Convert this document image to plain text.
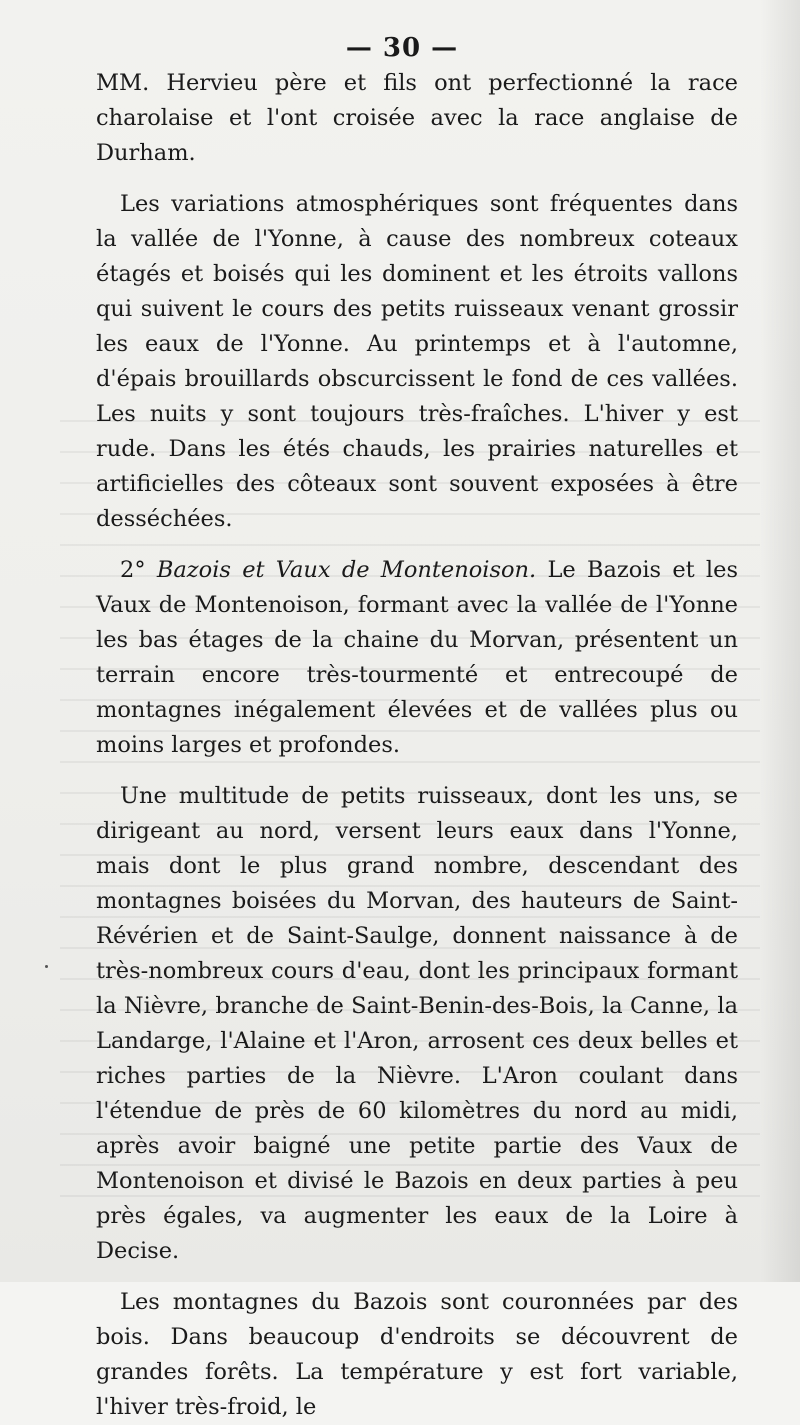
— 30 —

MM. Hervieu père et fils ont perfectionné la race charolaise et l'ont croisée avec la race anglaise de Durham.

Les variations atmosphériques sont fréquentes dans la vallée de l'Yonne, à cause des nombreux coteaux étagés et boisés qui les dominent et les étroits vallons qui suivent le cours des petits ruisseaux venant grossir les eaux de l'Yonne. Au printemps et à l'automne, d'épais brouillards obscurcissent le fond de ces vallées. Les nuits y sont toujours très-fraîches. L'hiver y est rude. Dans les étés chauds, les prairies naturelles et artificielles des côteaux sont souvent exposées à être desséchées.

2° Bazois et Vaux de Montenoison. Le Bazois et les Vaux de Montenoison, formant avec la vallée de l'Yonne les bas étages de la chaine du Morvan, présentent un terrain encore très-tourmenté et entrecoupé de montagnes inégalement élevées et de vallées plus ou moins larges et profondes.

Une multitude de petits ruisseaux, dont les uns, se dirigeant au nord, versent leurs eaux dans l'Yonne, mais dont le plus grand nombre, descendant des montagnes boisées du Morvan, des hauteurs de Saint-Révérien et de Saint-Saulge, donnent naissance à de très-nombreux cours d'eau, dont les principaux formant la Nièvre, branche de Saint-Benin-des-Bois, la Canne, la Landarge, l'Alaine et l'Aron, arrosent ces deux belles et riches parties de la Nièvre. L'Aron coulant dans l'étendue de près de 60 kilomètres du nord au midi, après avoir baigné une petite partie des Vaux de Montenoison et divisé le Bazois en deux parties à peu près égales, va augmenter les eaux de la Loire à Decise.

Les montagnes du Bazois sont couronnées par des bois. Dans beaucoup d'endroits se découvrent de grandes forêts. La température y est fort variable, l'hiver très-froid, le
